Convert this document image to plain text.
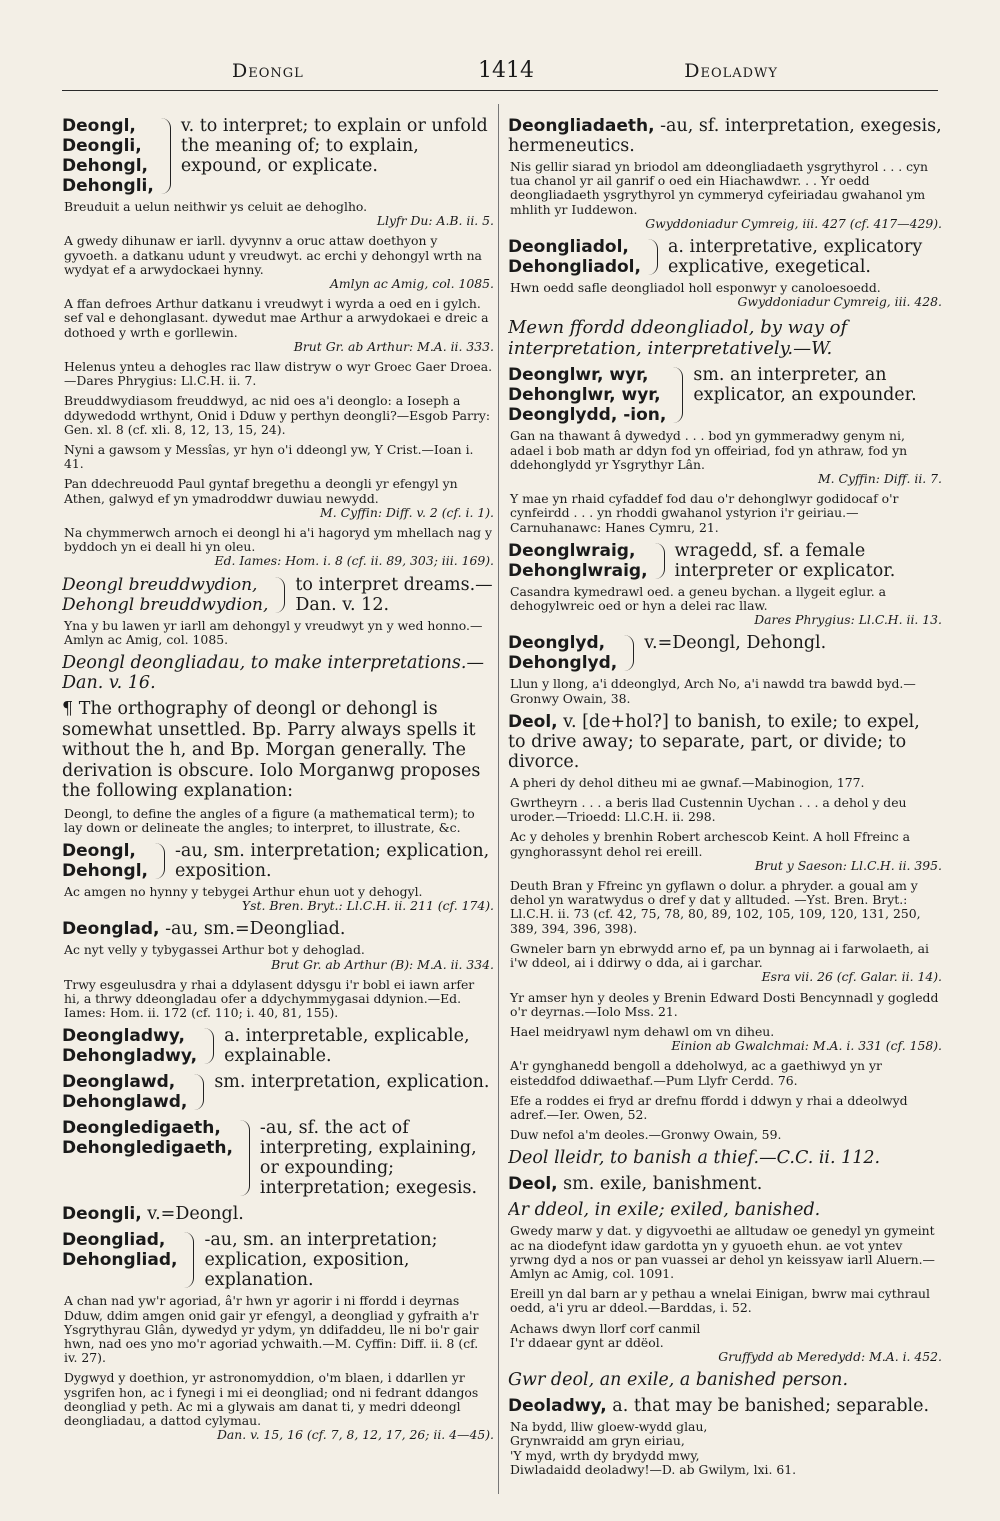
Deongl	1414	Deoladwy
Deongl,
Deongli,
Dehongl,
Dehongli,
v. to interpret; to explain or unfold the meaning of; to explain, expound, or explicate.
Breuduit a uelun neithwir ys celuit ae dehoglho.
Llyfr Du: A.B. ii. 5.
A gwedy dihunaw er iarll. dyvynnv a oruc attaw doethyon y gyvoeth. a datkanu udunt y vreudwyt. ac erchi y dehongyl wrth na wydyat ef a arwydockaei hynny.
Amlyn ac Amig, col. 1085.
A ffan defroes Arthur datkanu i vreudwyt i wyrda a oed en i gylch. sef val e dehonglasant. dywedut mae Arthur a arwydokaei e dreic a dothoed y wrth e gorllewin.
Brut Gr. ab Arthur: M.A. ii. 333.
Helenus ynteu a dehogles rac llaw distryw o wyr Groec Gaer Droea.—Dares Phrygius: Ll.C.H. ii. 7.
Breuddwydiasom freuddwyd, ac nid oes a'i deonglo: a Ioseph a ddywedodd wrthynt, Onid i Dduw y perthyn deongli?—Esgob Parry: Gen. xl. 8 (cf. xli. 8, 12, 13, 15, 24).
Nyni a gawsom y Messîas, yr hyn o'i ddeongl yw, Y Crist.—Ioan i. 41.
Pan ddechreuodd Paul gyntaf bregethu a deongli yr efengyl yn Athen, galwyd ef yn ymadroddwr duwiau newydd.
M. Cyffin: Diff. v. 2 (cf. i. 1).
Na chymmerwch arnoch ei deongl hi a'i hagoryd ym mhellach nag y byddoch yn ei deall hi yn oleu.
Ed. Iames: Hom. i. 8 (cf. ii. 89, 303; iii. 169).
Deongl breuddwydion,
Dehongl breuddwydion,
to interpret dreams.— Dan. v. 12.
Yna y bu lawen yr iarll am dehongyl y vreudwyt yn y wed honno.—Amlyn ac Amig, col. 1085.
Deongl deongliadau, to make interpretations.— Dan. v. 16.
¶ The orthography of deongl or dehongl is somewhat unsettled. Bp. Parry always spells it without the h, and Bp. Morgan generally. The derivation is obscure. Iolo Morganwg proposes the following explanation:
Deongl, to define the angles of a figure (a mathematical term); to lay down or delineate the angles; to interpret, to illustrate, &c.
Deongl,
Dehongl,
-au, sm. interpretation; explication, exposition.
Ac amgen no hynny y tebygei Arthur ehun uot y dehogyl.
Yst. Bren. Bryt.: Ll.C.H. ii. 211 (cf. 174).
Deonglad, -au, sm.=Deongliad.
Ac nyt velly y tybygassei Arthur bot y dehoglad.
Brut Gr. ab Arthur (B): M.A. ii. 334.
Trwy esgeulusdra y rhai a ddylasent ddysgu i'r bobl ei iawn arfer hi, a thrwy ddeongladau ofer a ddychymmygasai ddynion.—Ed. Iames: Hom. ii. 172 (cf. 110; i. 40, 81, 155).
Deongladwy,
Dehongladwy,
a. interpretable, explicable, explainable.
Deonglawd,
Dehonglawd,
sm. interpretation, explication.
Deongledigaeth,
Dehongledigaeth,
-au, sf. the act of interpreting, explaining, or expounding; interpretation; exegesis.
Deongli, v.=Deongl.
Deongliad,
Dehongliad,
-au, sm. an interpretation; explication, exposition, explanation.
A chan nad yw'r agoriad, â'r hwn yr agorir i ni ffordd i deyrnas Dduw, ddim amgen onid gair yr efengyl, a deongliad y gyfraith a'r Ysgrythyrau Glân, dywedyd yr ydym, yn ddifaddeu, lle ni bo'r gair hwn, nad oes yno mo'r agoriad ychwaith.—M. Cyffin: Diff. ii. 8 (cf. iv. 27).
Dygwyd y doethion, yr astronomyddion, o'm blaen, i ddarllen yr ysgrifen hon, ac i fynegi i mi ei deongliad; ond ni fedrant ddangos deongliad y peth. Ac mi a glywais am danat ti, y medri ddeongl deongliadau, a dattod cylymau.
Dan. v. 15, 16 (cf. 7, 8, 12, 17, 26; ii. 4—45).
Deongliadaeth, -au, sf. interpretation, exegesis, hermeneutics.
Nis gellir siarad yn briodol am ddeongliadaeth ysgrythyrol . . . cyn tua chanol yr ail ganrif o oed ein Hiachawdwr. . . Yr oedd deongliadaeth ysgrythyrol yn cymmeryd cyfeiriadau gwahanol ym mhlith yr Iuddewon.
Gwyddoniadur Cymreig, iii. 427 (cf. 417—429).
Deongliadol,
Dehongliadol,
a. interpretative, explicatory explicative, exegetical.
Hwn oedd safle deongliadol holl esponwyr y canoloesoedd.
Gwyddoniadur Cymreig, iii. 428.
Mewn ffordd ddeongliadol, by way of interpretation, interpretatively.—W.
Deonglwr, wyr,
Dehonglwr, wyr,
Deonglydd, -ion,
sm. an interpreter, an explicator, an expounder.
Gan na thawant â dywedyd . . . bod yn gymmeradwy genym ni, adael i bob math ar ddyn fod yn offeiriad, fod yn athraw, fod yn ddehonglydd yr Ysgrythyr Lân.
M. Cyffin: Diff. ii. 7.
Y mae yn rhaid cyfaddef fod dau o'r dehonglwyr godidocaf o'r cynfeirdd . . . yn rhoddi gwahanol ystyrion i'r geiriau.—Carnuhanawc: Hanes Cymru, 21.
Deonglwraig,
Dehonglwraig,
wragedd, sf. a female interpreter or explicator.
Casandra kymedrawl oed. a geneu bychan. a llygeit eglur. a dehogylwreic oed or hyn a delei rac llaw.
Dares Phrygius: Ll.C.H. ii. 13.
Deonglyd,
Dehonglyd,
v.=Deongl, Dehongl.
Llun y llong, a'i ddeonglyd, Arch No, a'i nawdd tra bawdd byd.—Gronwy Owain, 38.
Deol, v. [de+hol?] to banish, to exile; to expel, to drive away; to separate, part, or divide; to divorce.
A pheri dy dehol ditheu mi ae gwnaf.—Mabinogion, 177.
Gwrtheyrn . . . a beris llad Custennin Uychan . . . a dehol y deu uroder.—Trioedd: Ll.C.H. ii. 298.
Ac y deholes y brenhin Robert archescob Keint. A holl Ffreinc a gynghorassynt dehol rei ereill.
Brut y Saeson: Ll.C.H. ii. 395.
Deuth Bran y Ffreinc yn gyflawn o dolur. a phryder. a goual am y dehol yn waratwydus o dref y dat y alltuded. —Yst. Bren. Bryt.: Ll.C.H. ii. 73 (cf. 42, 75, 78, 80, 89, 102, 105, 109, 120, 131, 250, 389, 394, 396, 398).
Gwneler barn yn ebrwydd arno ef, pa un bynnag ai i farwolaeth, ai i'w ddeol, ai i ddirwy o dda, ai i garchar.
Esra vii. 26 (cf. Galar. ii. 14).
Yr amser hyn y deoles y Brenin Edward Dosti Bencynnadl y gogledd o'r deyrnas.—Iolo Mss. 21.
Hael meidryawl nym dehawl om vn diheu.
Einion ab Gwalchmai: M.A. i. 331 (cf. 158).
A'r gynghanedd bengoll a ddeholwyd, ac a gaethiwyd yn yr eisteddfod ddiwaethaf.—Pum Llyfr Cerdd. 76.
Efe a roddes ei fryd ar drefnu ffordd i ddwyn y rhai a ddeolwyd adref.—Ier. Owen, 52.
Duw nefol a'm deoles.—Gronwy Owain, 59.
Deol lleidr, to banish a thief.—C.C. ii. 112.
Deol, sm. exile, banishment.
Ar ddeol, in exile; exiled, banished.
Gwedy marw y dat. y digyvoethi ae alltudaw oe genedyl yn gymeint ac na diodefynt idaw gardotta yn y gyuoeth ehun. ae vot yntev yrwng dyd a nos or pan vuassei ar dehol yn keissyaw iarll Aluern.—Amlyn ac Amig, col. 1091.
Ereill yn dal barn ar y pethau a wnelai Einigan, bwrw mai cythraul oedd, a'i yru ar ddeol.—Barddas, i. 52.
Achaws dwyn llorf corf canmil
I'r ddaear gynt ar ddëol.
Gruffydd ab Meredydd: M.A. i. 452.
Gwr deol, an exile, a banished person.
Deoladwy, a. that may be banished; separable.
Na bydd, lliw gloew-wydd glau,
Grynwraidd am gryn eiriau,
'Y myd, wrth dy brydydd mwy,
Diwladaidd deoladwy!—D. ab Gwilym, lxi. 61.
